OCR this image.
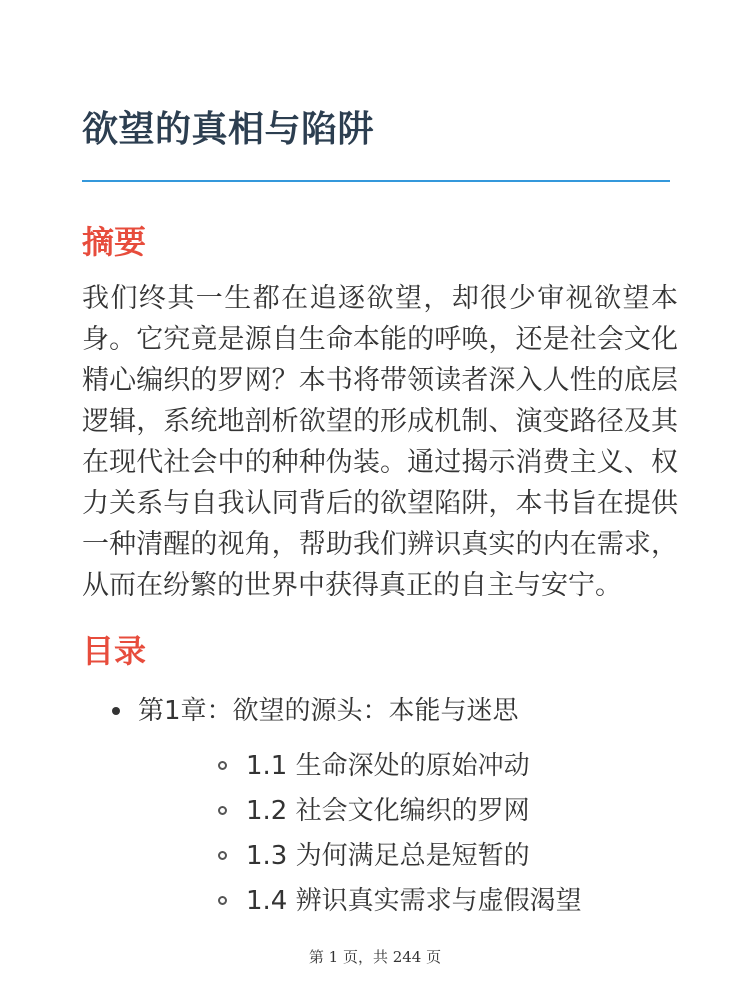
欲望的真相与陷阱
摘要

我们终其一生都在追逐欲望，却很少审视欲望本身。它究竟是源自生命本能的呼唤，还是社会文化精心编织的罗网？本书将带领读者深入人性的底层逻辑，系统地剖析欲望的形成机制、演变路径及其在现代社会中的种种伪装。通过揭示消费主义、权力关系与自我认同背后的欲望陷阱，本书旨在提供一种清醒的视角，帮助我们辨识真实的内在需求，从而在纷繁的世界中获得真正的自主与安宁。

目录
第1章：欲望的源头：本能与迷思
1.1 生命深处的原始冲动
1.2 社会文化编织的罗网
1.3 为何满足总是短暂的
1.4 辨识真实需求与虚假渴望
第 1 页，共 244 页
